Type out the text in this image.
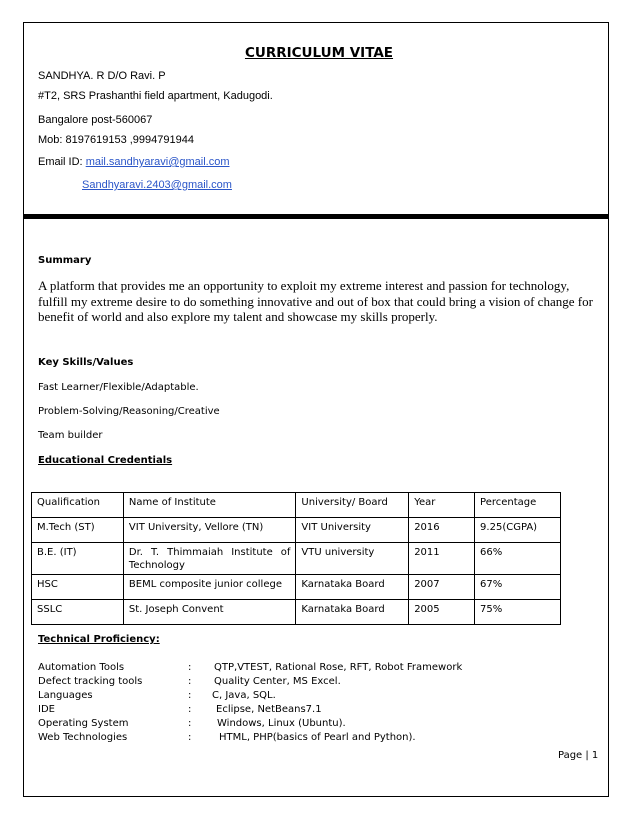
CURRICULUM VITAE
SANDHYA. R D/O Ravi. P
#T2, SRS Prashanthi field apartment, Kadugodi.
Bangalore post-560067
Mob: 8197619153 ,9994791944
Email ID: mail.sandhyaravi@gmail.com
Sandhyaravi.2403@gmail.com
Summary
A platform that provides me an opportunity to exploit my extreme interest and passion for technology, fulfill my extreme desire to do something innovative and out of box that could bring a vision of change for benefit of world and also explore my talent and showcase my skills properly.
Key Skills/Values
Fast Learner/Flexible/Adaptable.
Problem-Solving/Reasoning/Creative
Team builder
Educational Credentials
Qualification	Name of Institute	University/ Board	Year	Percentage
M.Tech (ST)	VIT University, Vellore (TN)	VIT University	2016	9.25(CGPA)
B.E. (IT)	Dr. T. Thimmaiah Institute of Technology	VTU university	2011	66%
HSC	BEML composite junior college	Karnataka Board	2007	67%
SSLC	St. Joseph Convent	Karnataka Board	2005	75%
Technical Proficiency:
Automation Tools	: QTP,VTEST, Rational Rose, RFT, Robot Framework
Defect tracking tools	: Quality Center, MS Excel.
Languages	: C, Java, SQL.
IDE	: Eclipse, NetBeans7.1
Operating System	:	Windows, Linux (Ubuntu).
Web Technologies	:	HTML, PHP(basics of Pearl and Python).
Page | 1
